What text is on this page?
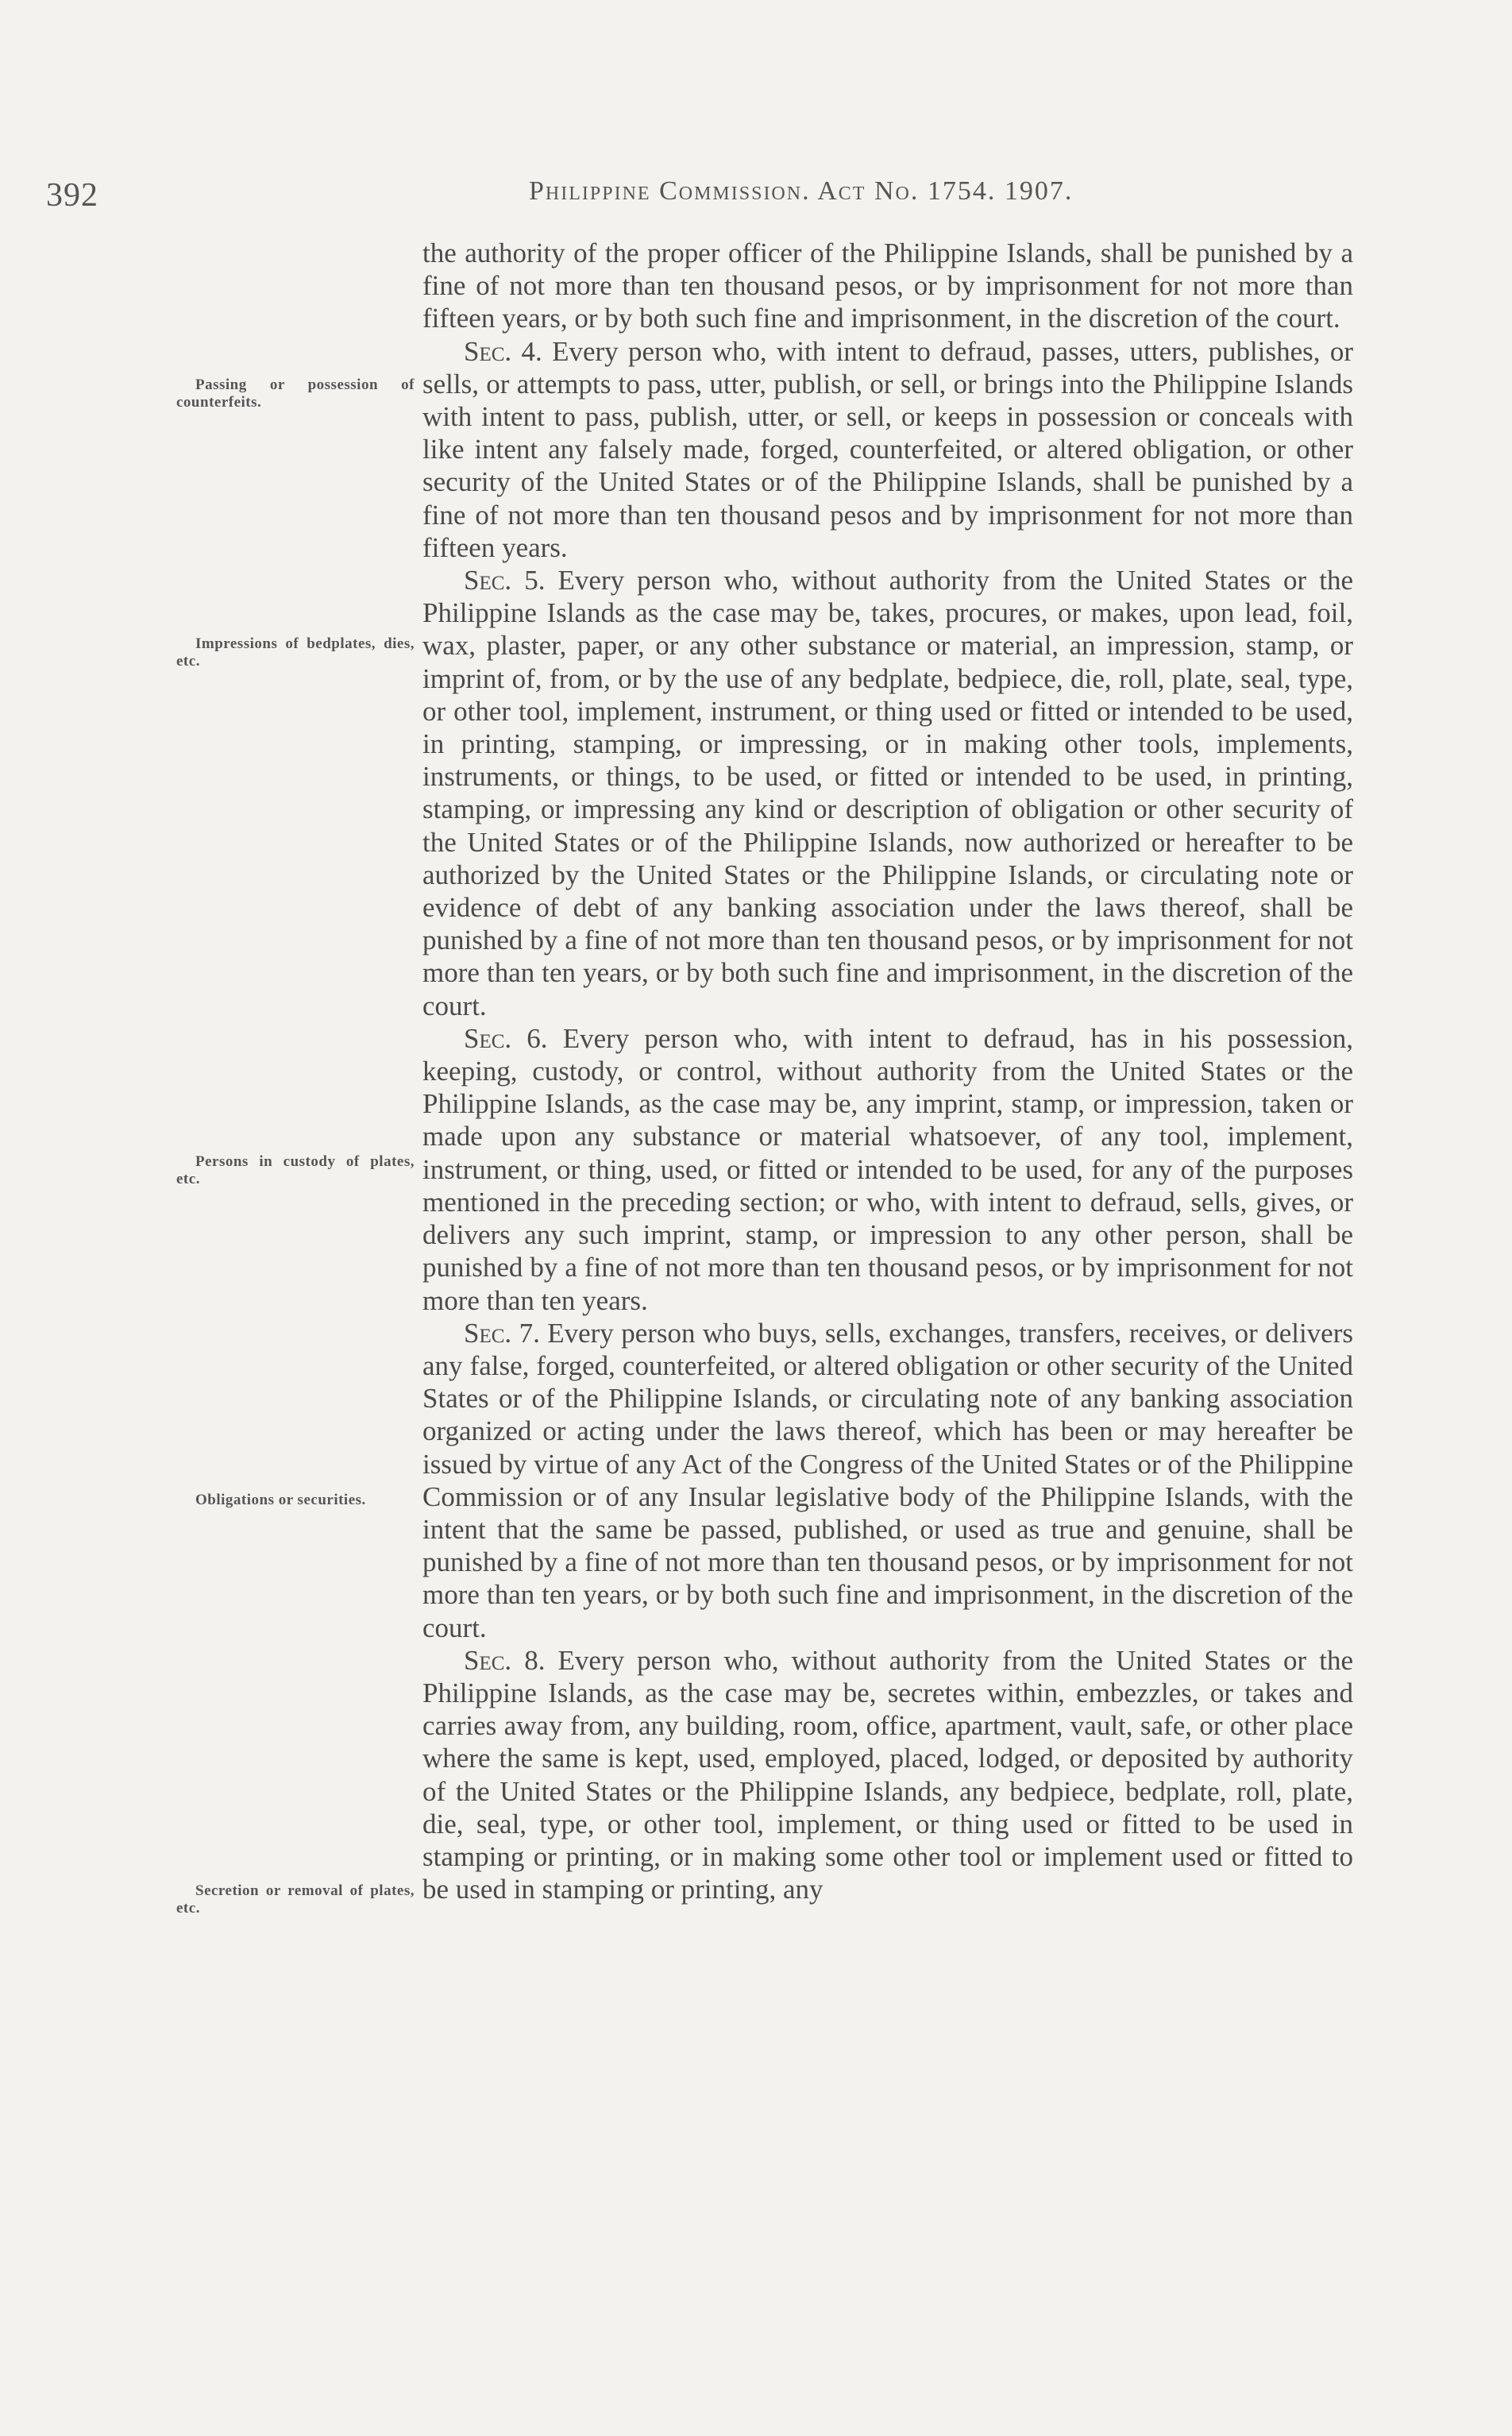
392	Philippine Commission. Act No. 1754. 1907.
Passing or possession of counterfeits.
Impressions of bedplates, dies, etc.
Persons in custody of plates, etc.
Obligations or securities.
Secretion or removal of plates, etc.

the authority of the proper officer of the Philippine Islands, shall be punished by a fine of not more than ten thousand pesos, or by imprisonment for not more than fifteen years, or by both such fine and imprisonment, in the discretion of the court.

Sec. 4. Every person who, with intent to defraud, passes, utters, publishes, or sells, or attempts to pass, utter, publish, or sell, or brings into the Philippine Islands with intent to pass, publish, utter, or sell, or keeps in possession or conceals with like intent any falsely made, forged, counterfeited, or altered obligation, or other security of the United States or of the Philippine Islands, shall be punished by a fine of not more than ten thousand pesos and by imprisonment for not more than fifteen years.

Sec. 5. Every person who, without authority from the United States or the Philippine Islands as the case may be, takes, procures, or makes, upon lead, foil, wax, plaster, paper, or any other substance or material, an impression, stamp, or imprint of, from, or by the use of any bedplate, bedpiece, die, roll, plate, seal, type, or other tool, implement, instrument, or thing used or fitted or intended to be used, in printing, stamping, or impressing, or in making other tools, implements, instruments, or things, to be used, or fitted or intended to be used, in printing, stamping, or impressing any kind or description of obligation or other security of the United States or of the Philippine Islands, now authorized or hereafter to be authorized by the United States or the Philippine Islands, or circulating note or evidence of debt of any banking association under the laws thereof, shall be punished by a fine of not more than ten thousand pesos, or by imprisonment for not more than ten years, or by both such fine and imprisonment, in the discretion of the court.

Sec. 6. Every person who, with intent to defraud, has in his possession, keeping, custody, or control, without authority from the United States or the Philippine Islands, as the case may be, any imprint, stamp, or impression, taken or made upon any substance or material whatsoever, of any tool, implement, instrument, or thing, used, or fitted or intended to be used, for any of the purposes mentioned in the preceding section; or who, with intent to defraud, sells, gives, or delivers any such imprint, stamp, or impression to any other person, shall be punished by a fine of not more than ten thousand pesos, or by imprisonment for not more than ten years.

Sec. 7. Every person who buys, sells, exchanges, transfers, receives, or delivers any false, forged, counterfeited, or altered obligation or other security of the United States or of the Philippine Islands, or circulating note of any banking association organized or acting under the laws thereof, which has been or may hereafter be issued by virtue of any Act of the Congress of the United States or of the Philippine Commission or of any Insular legislative body of the Philippine Islands, with the intent that the same be passed, published, or used as true and genuine, shall be punished by a fine of not more than ten thousand pesos, or by imprisonment for not more than ten years, or by both such fine and imprisonment, in the discretion of the court.

Sec. 8. Every person who, without authority from the United States or the Philippine Islands, as the case may be, secretes within, embezzles, or takes and carries away from, any building, room, office, apartment, vault, safe, or other place where the same is kept, used, employed, placed, lodged, or deposited by authority of the United States or the Philippine Islands, any bedpiece, bedplate, roll, plate, die, seal, type, or other tool, implement, or thing used or fitted to be used in stamping or printing, or in making some other tool or implement used or fitted to be used in stamping or printing, any
